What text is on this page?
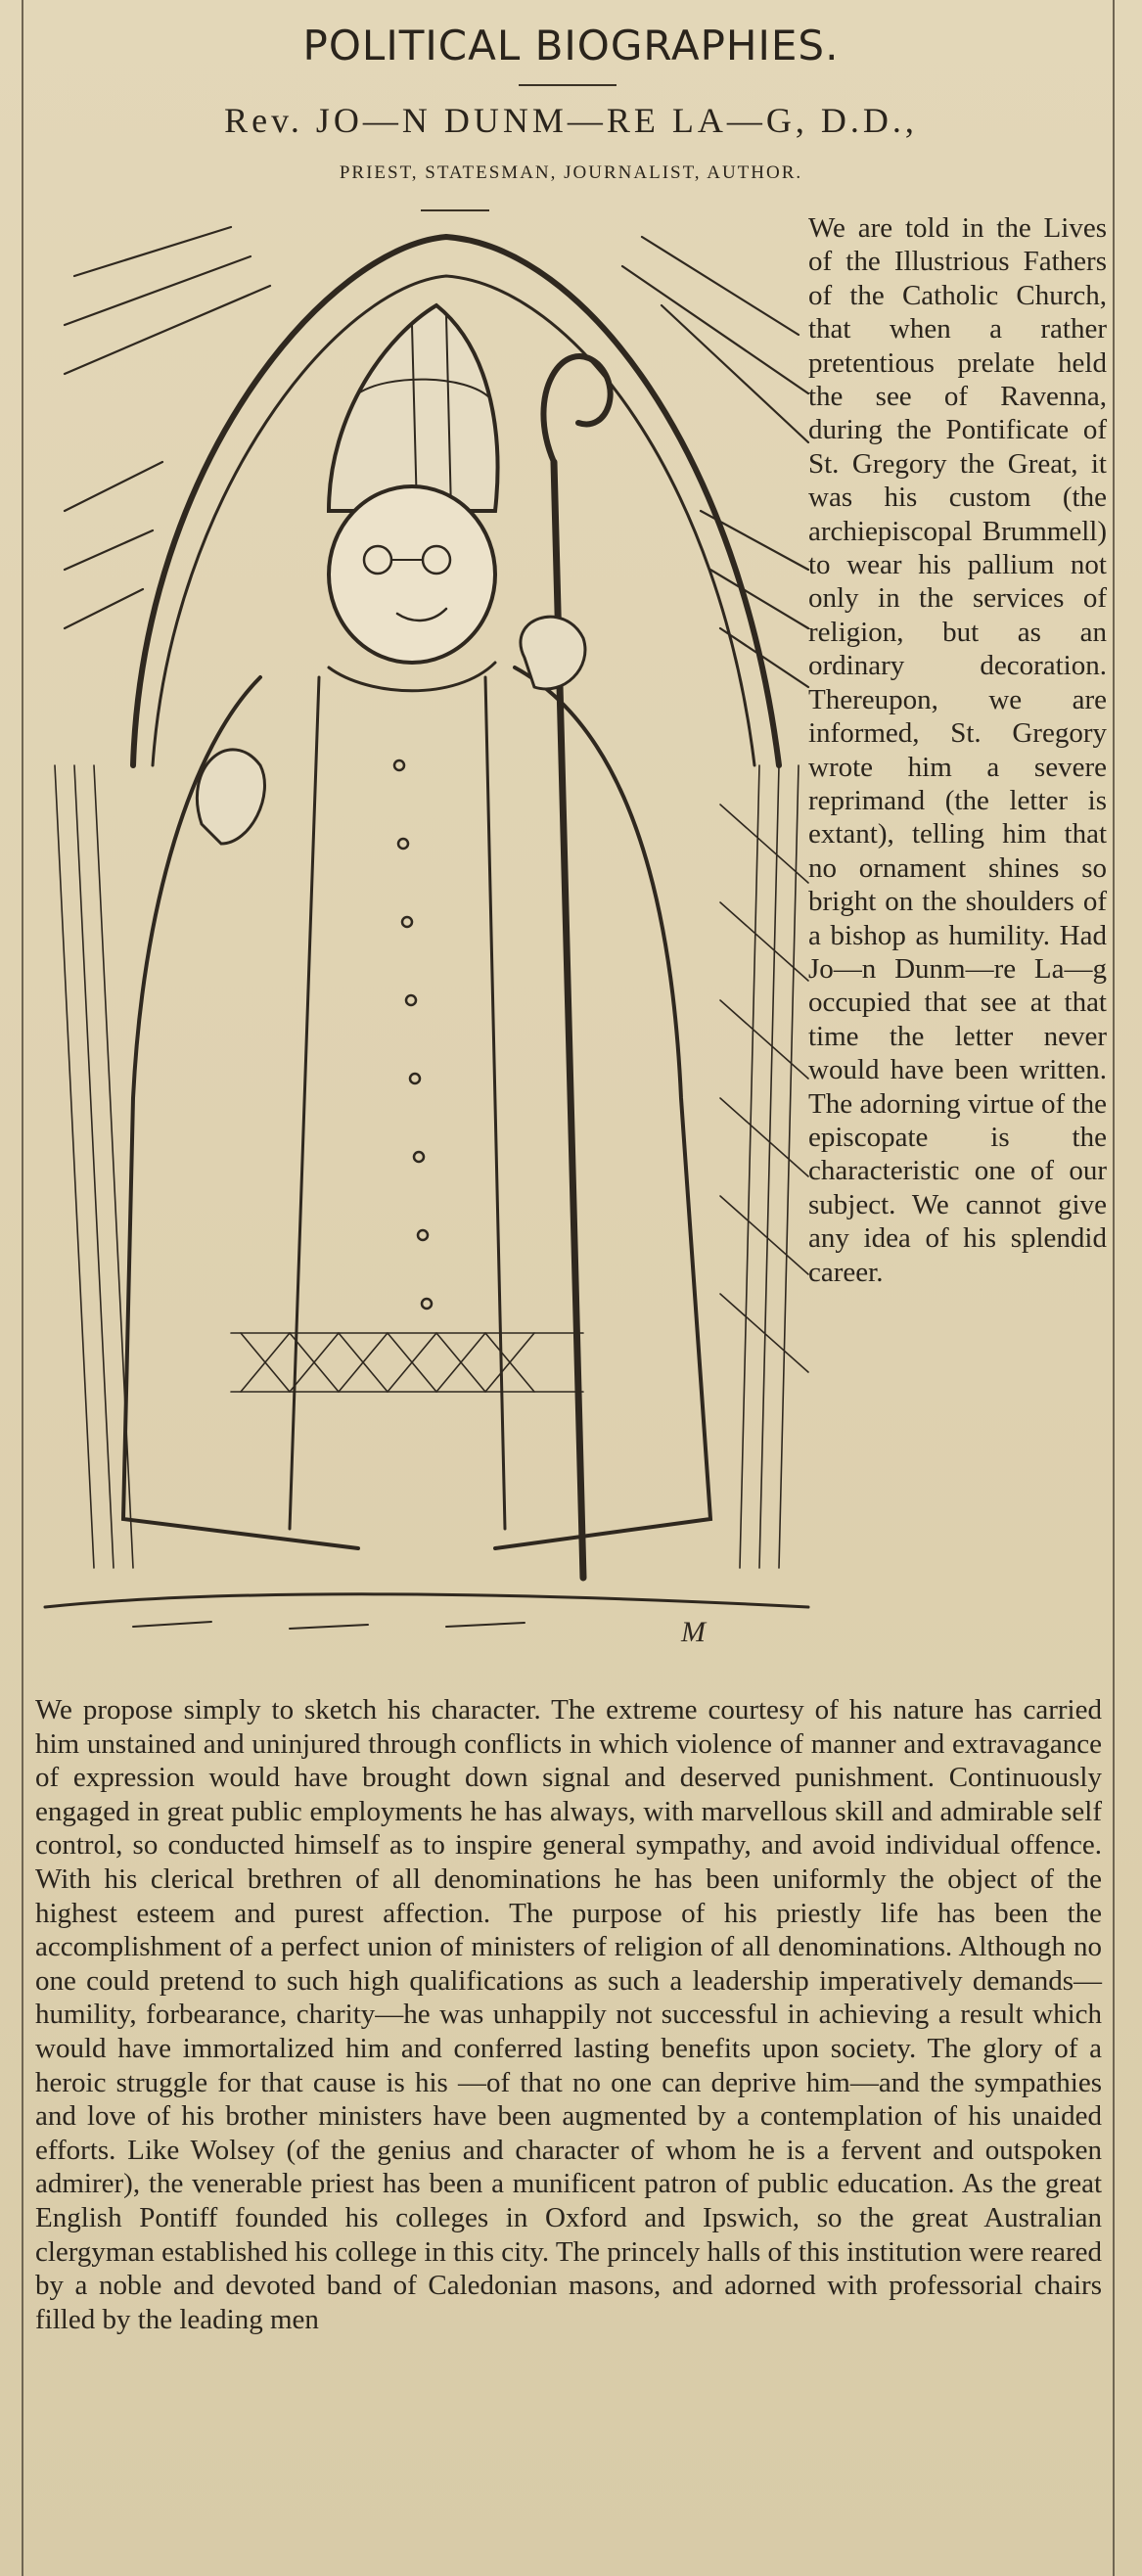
POLITICAL BIOGRAPHIES.
Rev. JO—N DUNM—RE LA—G, D.D.,
PRIEST, STATESMAN, JOURNALIST, AUTHOR.
M
We are told in the Lives of the Illustrious Fathers of the Catholic Church, that when a rather pretentious prelate held the see of Ravenna, during the Pontificate of St. Gregory the Great, it was his custom (the archiepiscopal Brummell) to wear his pallium not only in the services of religion, but as an ordinary decoration. Thereupon, we are informed, St. Gregory wrote him a severe reprimand (the letter is extant), telling him that no ornament shines so bright on the shoulders of a bishop as humility. Had Jo—n Dunm—re La—g occupied that see at that time the letter never would have been written. The adorning virtue of the episcopate is the characteristic one of our subject. We cannot give any idea of his splendid career.
We propose simply to sketch his character. The extreme courtesy of his nature has carried him unstained and uninjured through conflicts in which violence of manner and extravagance of expression would have brought down signal and deserved punishment. Continuously engaged in great public employments he has always, with marvellous skill and admirable self control, so conducted himself as to inspire general sympathy, and avoid individual offence. With his clerical brethren of all denominations he has been uniformly the object of the highest esteem and purest affection. The purpose of his priestly life has been the accomplishment of a perfect union of ministers of religion of all denominations. Although no one could pretend to such high qualifications as such a leadership imperatively demands—humility, forbearance, charity—he was unhappily not successful in achieving a result which would have immortalized him and conferred lasting benefits upon society. The glory of a heroic struggle for that cause is his —of that no one can deprive him—and the sympathies and love of his brother ministers have been augmented by a contemplation of his unaided efforts. Like Wolsey (of the genius and character of whom he is a fervent and outspoken admirer), the venerable priest has been a munificent patron of public education. As the great English Pontiff founded his colleges in Oxford and Ipswich, so the great Australian clergyman established his college in this city. The princely halls of this institution were reared by a noble and devoted band of Caledonian masons, and adorned with professorial chairs filled by the leading men
